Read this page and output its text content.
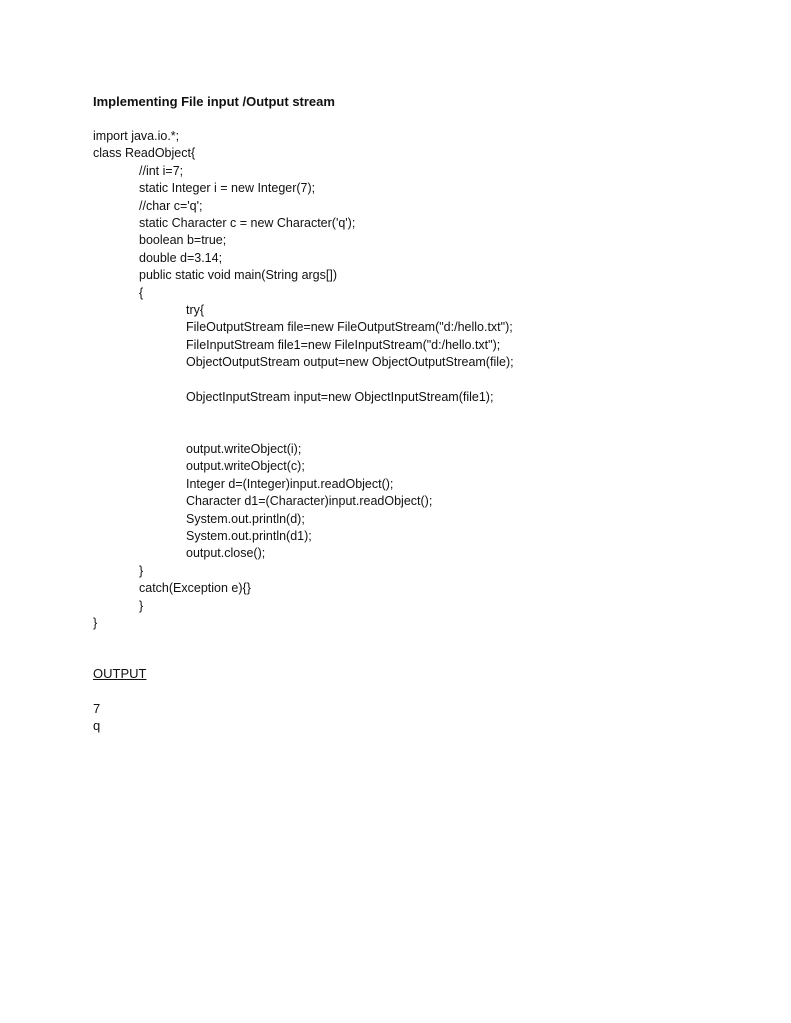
Implementing File input /Output stream
import java.io.*;
class ReadObject{
//int i=7;
static Integer i = new Integer(7);
//char c='q';
static Character c = new Character('q');
boolean b=true;
double d=3.14;
public static void main(String args[])
{
try{
FileOutputStream file=new FileOutputStream("d:/hello.txt");
FileInputStream file1=new FileInputStream("d:/hello.txt");
ObjectOutputStream output=new ObjectOutputStream(file);
ObjectInputStream input=new ObjectInputStream(file1);
output.writeObject(i);
output.writeObject(c);
Integer d=(Integer)input.readObject();
Character d1=(Character)input.readObject();
System.out.println(d);
System.out.println(d1);
output.close();
}
catch(Exception e){}
}
}
OUTPUT
7
q
